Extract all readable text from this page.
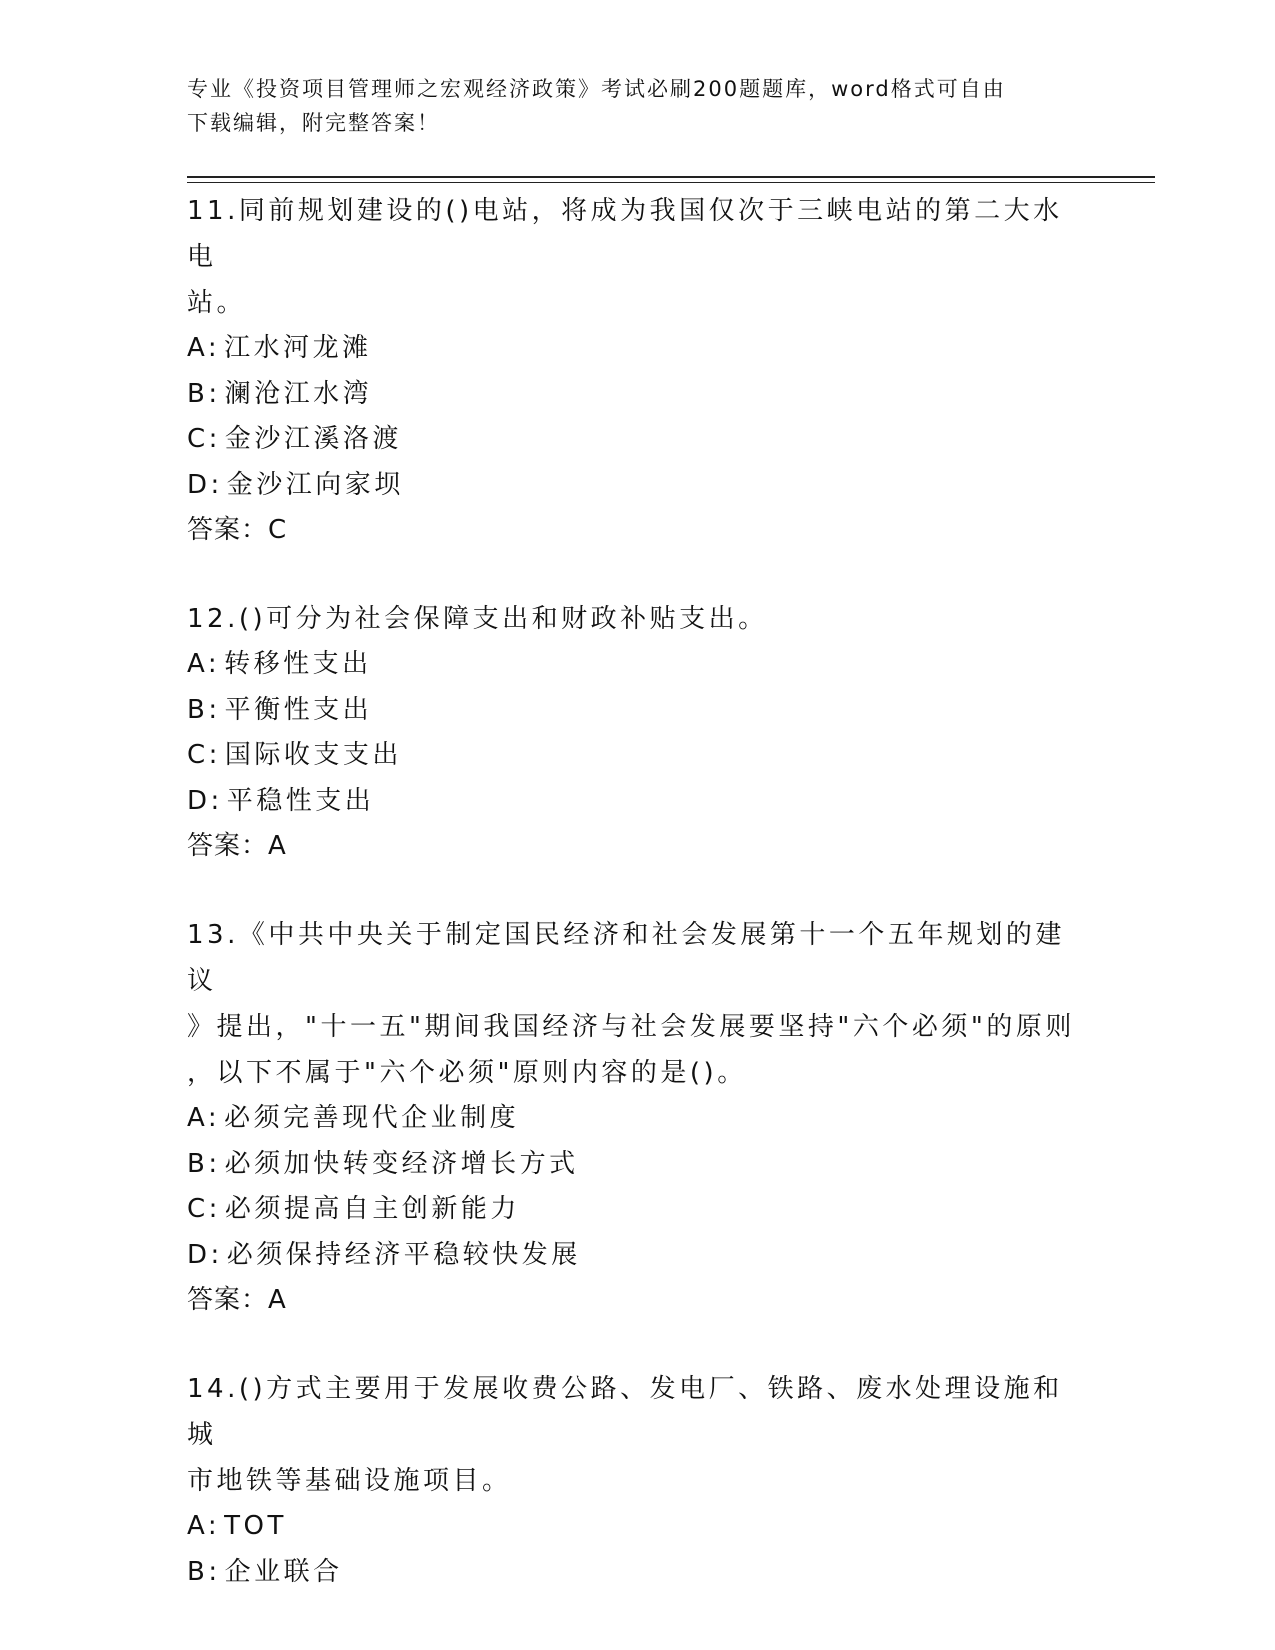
专业《投资项目管理师之宏观经济政策》考试必刷200题题库，word格式可自由
下载编辑，附完整答案！

11.同前规划建设的()电站，将成为我国仅次于三峡电站的第二大水电

站。

A: 江水河龙滩

B: 澜沧江水湾

C: 金沙江溪洛渡

D: 金沙江向家坝

答案：C

12.()可分为社会保障支出和财政补贴支出。

A: 转移性支出

B: 平衡性支出

C: 国际收支支出

D: 平稳性支出

答案：A

13.《中共中央关于制定国民经济和社会发展第十一个五年规划的建议

》提出，"十一五"期间我国经济与社会发展要坚持"六个必须"的原则

，以下不属于"六个必须"原则内容的是()。

A: 必须完善现代企业制度

B: 必须加快转变经济增长方式

C: 必须提高自主创新能力

D: 必须保持经济平稳较快发展

答案：A

14.()方式主要用于发展收费公路、发电厂、铁路、废水处理设施和城

市地铁等基础设施项目。

A: TOT

B: 企业联合
